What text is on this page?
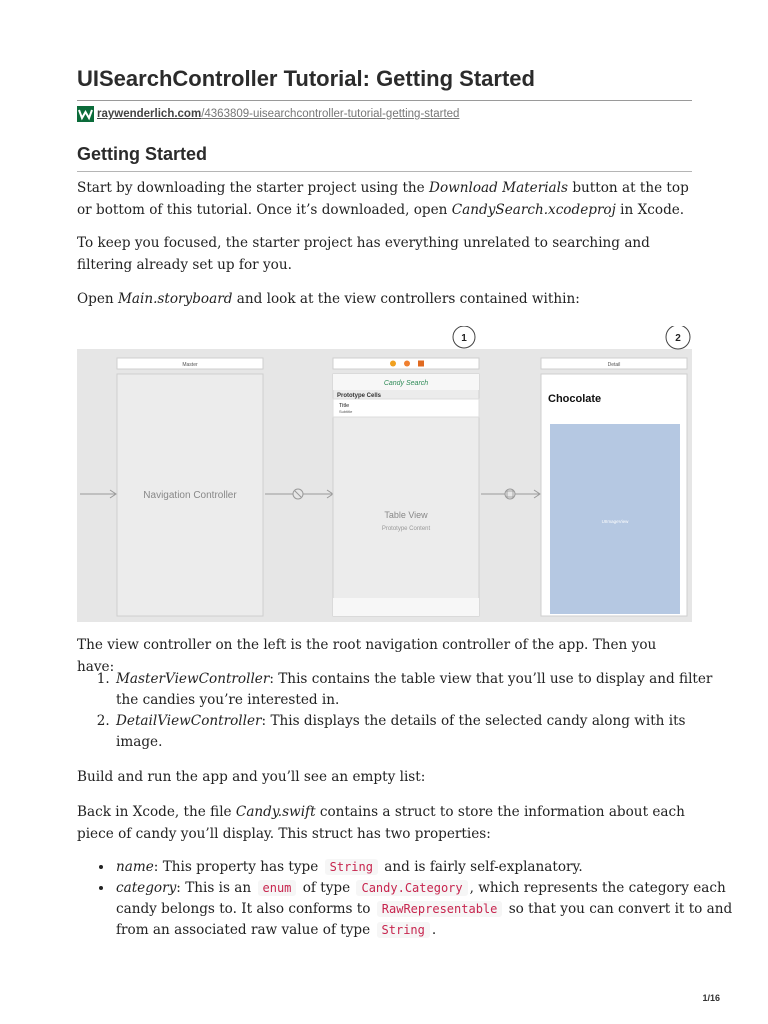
UISearchController Tutorial: Getting Started
raywenderlich.com /4363809-uisearchcontroller-tutorial-getting-started
Getting Started

Start by downloading the starter project using the Download Materials button at the top or bottom of this tutorial. Once it’s downloaded, open CandySearch.xcodeproj in Xcode.

To keep you focused, the starter project has everything unrelated to searching and filtering already set up for you.

Open Main.storyboard and look at the view controllers contained within:

1	2
Master
Navigation Controller
Candy Search
Prototype Cells
Title
Subtitle
Table View
Prototype Content
Detail
Chocolate
UIImageView

The view controller on the left is the root navigation controller of the app. Then you have:

1. MasterViewController: This contains the table view that you’ll use to display and filter the candies you’re interested in.
2. DetailViewController: This displays the details of the selected candy along with its image.

Build and run the app and you’ll see an empty list:

Back in Xcode, the file Candy.swift contains a struct to store the information about each piece of candy you’ll display. This struct has two properties:

• name: This property has type String and is fairly self-explanatory.
• category: This is an enum of type Candy.Category , which represents the category each candy belongs to. It also conforms to RawRepresentable so that you can convert it to and from an associated raw value of type String .
1/16
